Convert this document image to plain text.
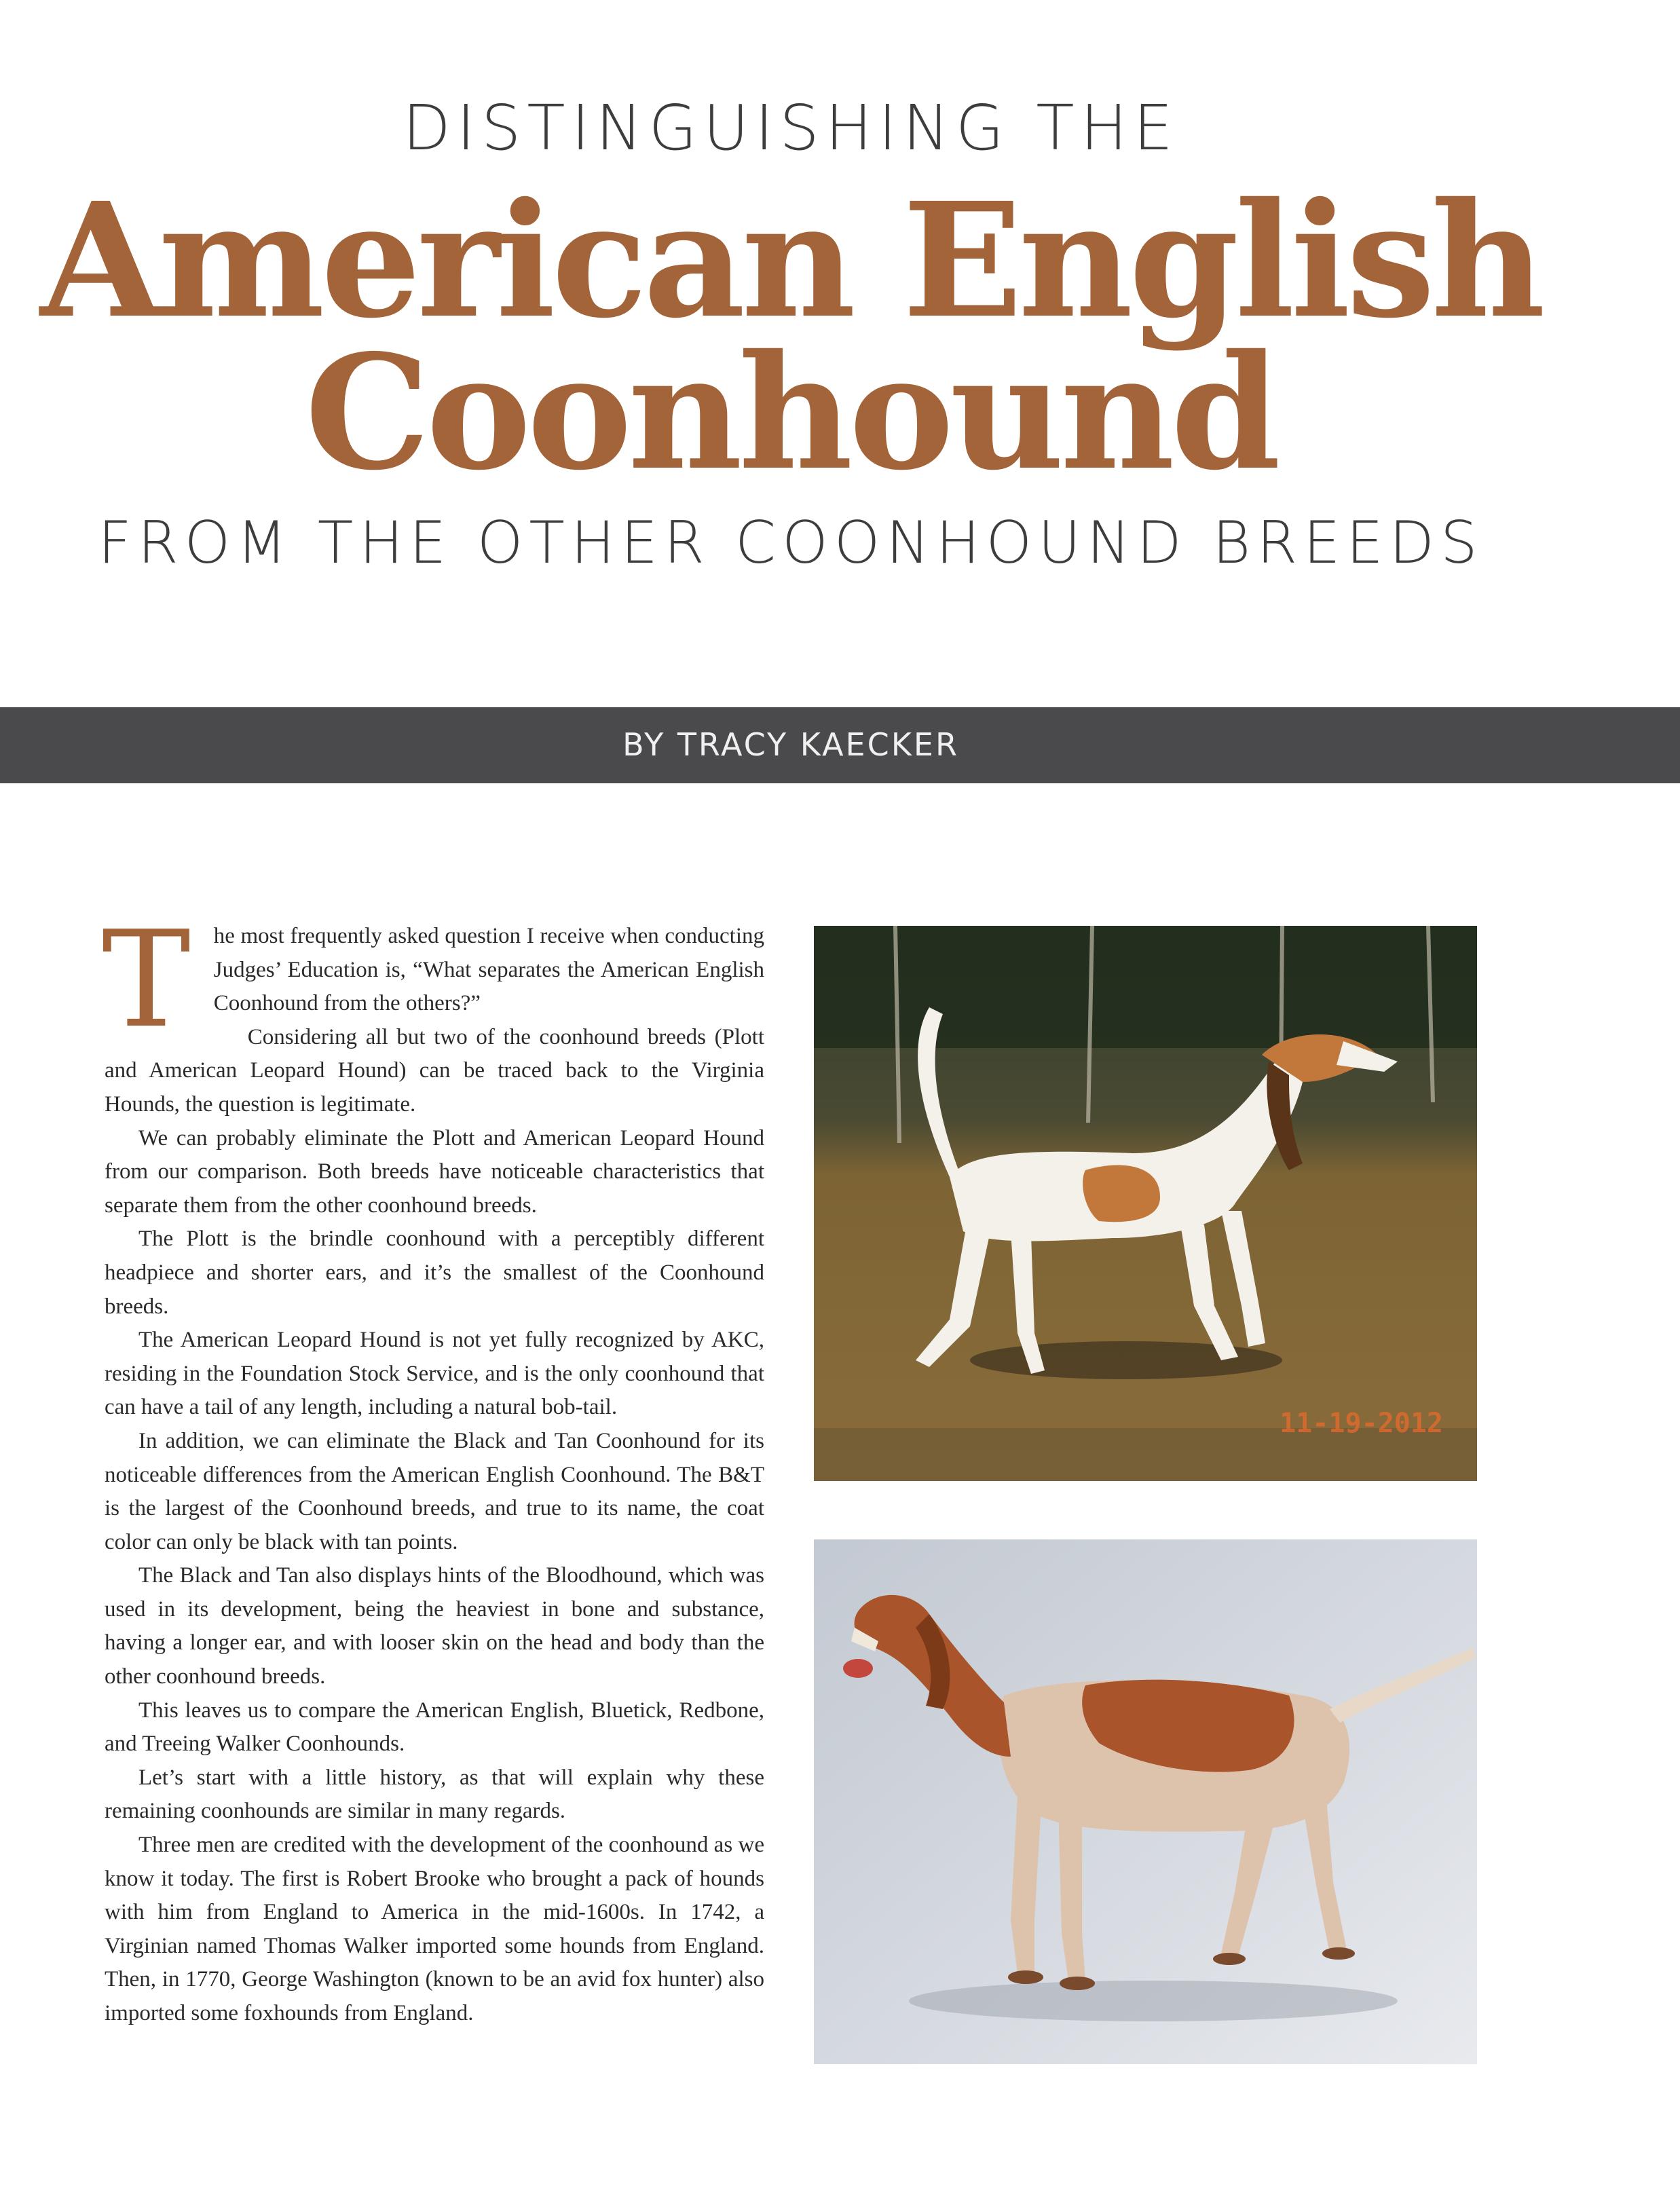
DISTINGUISHING THE
American English
Coonhound
FROM THE OTHER COONHOUND BREEDS
BY TRACY KAECKER

T	he most frequently asked question I receive when conducting Judges’ Education is, “What separates the American English Coonhound from the others?”

Considering all but two of the coonhound breeds (Plott and American Leopard Hound) can be traced back to the Virginia Hounds, the question is legitimate.

We can probably eliminate the Plott and American Leopard Hound from our comparison. Both breeds have noticeable characteristics that separate them from the other coonhound breeds.

The Plott is the brindle coonhound with a perceptibly different headpiece and shorter ears, and it’s the smallest of the Coonhound breeds.

The American Leopard Hound is not yet fully recognized by AKC, residing in the Foundation Stock Service, and is the only coonhound that can have a tail of any length, including a natural bob-tail.

In addition, we can eliminate the Black and Tan Coonhound for its noticeable differences from the American English Coonhound. The B&T is the largest of the Coonhound breeds, and true to its name, the coat color can only be black with tan points.

The Black and Tan also displays hints of the Bloodhound, which was used in its development, being the heaviest in bone and substance, having a longer ear, and with looser skin on the head and body than the other coonhound breeds.

This leaves us to compare the American English, Bluetick, Redbone, and Treeing Walker Coonhounds.

Let’s start with a little history, as that will explain why these remaining coonhounds are similar in many regards.

Three men are credited with the development of the coonhound as we know it today. The first is Robert Brooke who brought a pack of hounds with him from England to America in the mid-1600s. In 1742, a Virginian named Thomas Walker imported some hounds from England. Then, in 1770, George Washington (known to be an avid fox hunter) also imported some foxhounds from England.

11-19-2012
